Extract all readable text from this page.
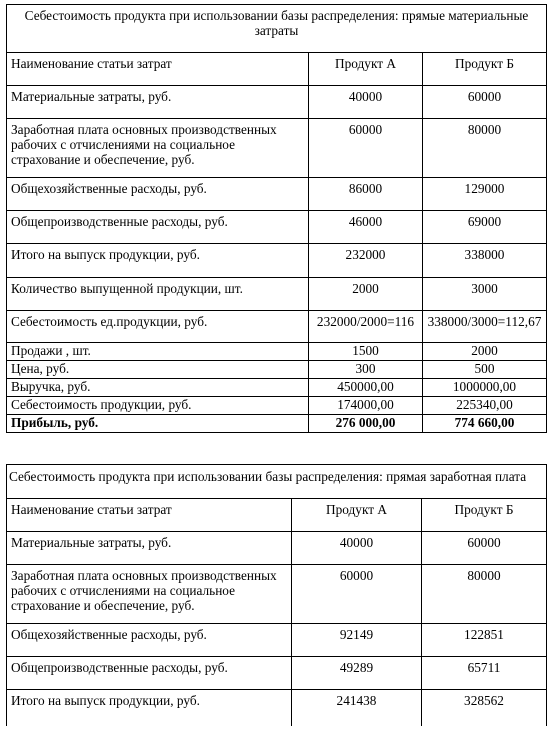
Себестоимость продукта при использовании базы распределения: прямые материальные затраты		
Наименование статьи затрат	Продукт А	Продукт Б
Материальные затраты, руб.	40000	60000
Заработная плата основных производственных рабочих с отчислениями на социальное страхование и обеспечение, руб.	60000	80000
Общехозяйственные расходы, руб.	86000	129000
Общепроизводственные расходы, руб.	46000	69000
Итого на выпуск продукции, руб.	232000	338000
Количество выпущенной продукции, шт.	2000	3000
Себестоимость ед.продукции, руб.	232000/2000=116	338000/3000=112,67
Продажи , шт.	1500	2000
Цена, руб.	300	500
Выручка, руб.	450000,00	1000000,00
Себестоимость продукции, руб.	174000,00	225340,00
Прибыль, руб.	276 000,00	774 660,00
Себестоимость продукта при использовании базы распределения: прямая заработная плата		
Наименование статьи затрат	Продукт А	Продукт Б
Материальные затраты, руб.	40000	60000
Заработная плата основных производственных рабочих с отчислениями на социальное страхование и обеспечение, руб.	60000	80000
Общехозяйственные расходы, руб.	92149	122851
Общепроизводственные расходы, руб.	49289	65711
Итого на выпуск продукции, руб.	241438	328562
